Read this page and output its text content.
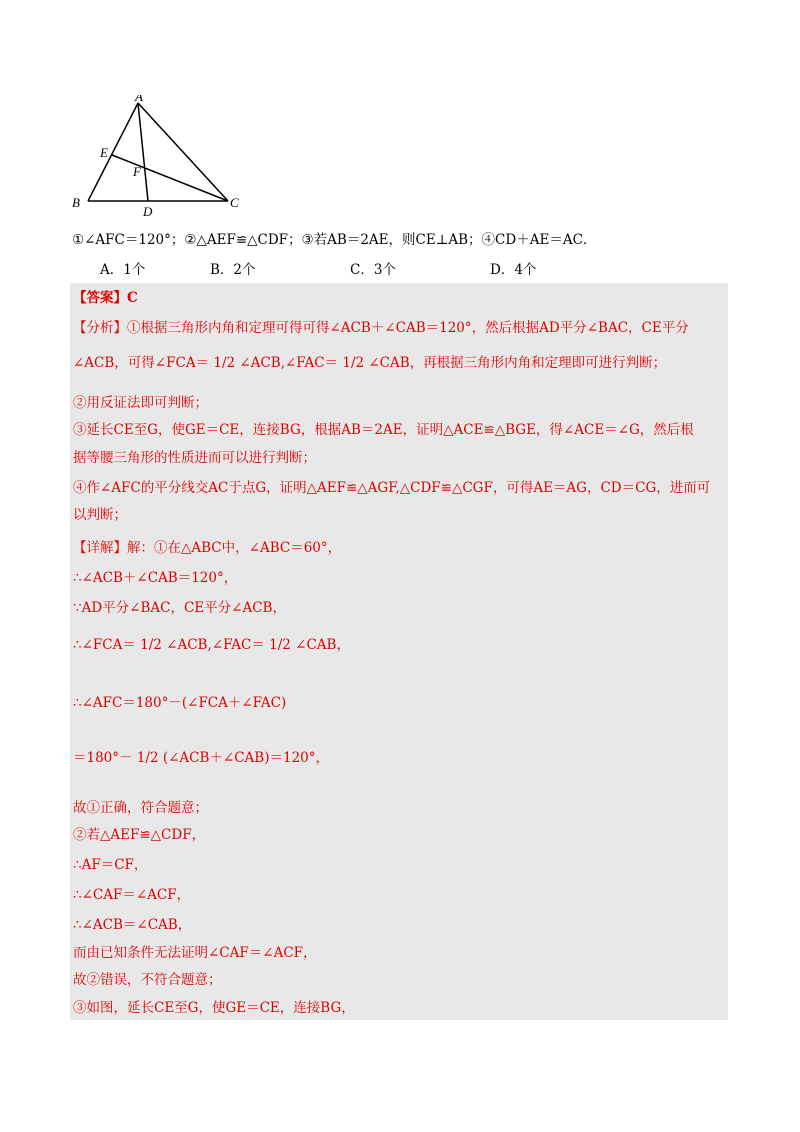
A
B	C
D
E
F
①∠AFC＝120°；②△AEF≌△CDF；③若AB＝2AE，则CE⊥AB；④CD＋AE＝AC．
A．1个	B．2个	C．3个	D．4个
【答案】C
【分析】①根据三角形内角和定理可得可得∠ACB＋∠CAB＝120°，然后根据AD平分∠BAC，CE平分
∠ACB，可得∠FCA＝ 1/2 ∠ACB,∠FAC＝ 1/2 ∠CAB，再根据三角形内角和定理即可进行判断；
②用反证法即可判断；
③延长CE至G，使GE＝CE，连接BG，根据AB＝2AE，证明△ACE≌△BGE，得∠ACE＝∠G，然后根
据等腰三角形的性质进而可以进行判断；
④作∠AFC的平分线交AC于点G，证明△AEF≌△AGF,△CDF≌△CGF，可得AE＝AG，CD＝CG，进而可
以判断；
【详解】解：①在△ABC中，∠ABC＝60°，
∴∠ACB＋∠CAB＝120°，
∵AD平分∠BAC，CE平分∠ACB，
∴∠FCA＝ 1/2 ∠ACB,∠FAC＝ 1/2 ∠CAB，
∴∠AFC＝180°－(∠FCA＋∠FAC)
＝180°－ 1/2 (∠ACB＋∠CAB)＝120°，
故①正确，符合题意；
②若△AEF≌△CDF，
∴AF＝CF，
∴∠CAF＝∠ACF，
∴∠ACB＝∠CAB，
而由已知条件无法证明∠CAF＝∠ACF，
故②错误，不符合题意；
③如图，延长CE至G，使GE＝CE，连接BG，
